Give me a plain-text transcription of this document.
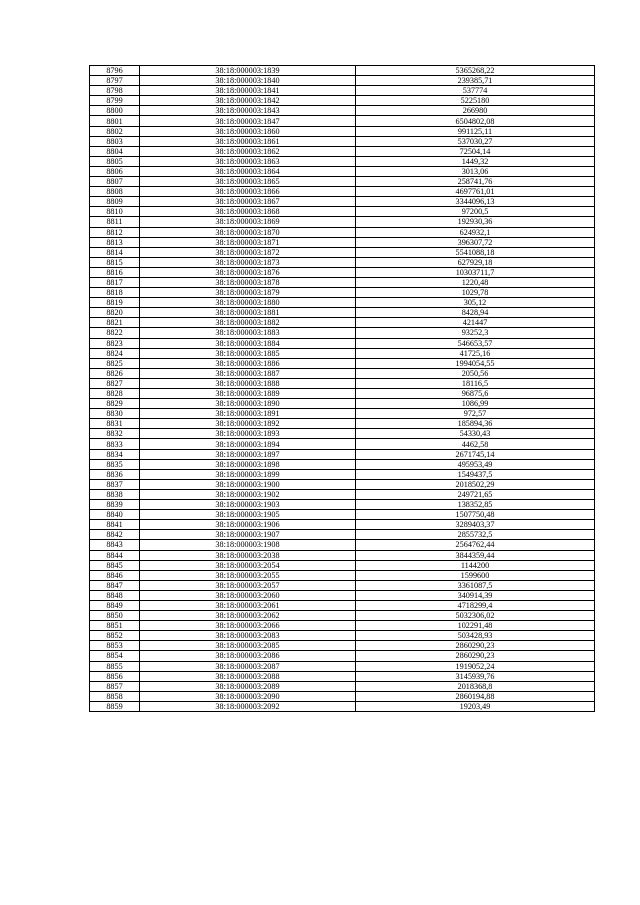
8796	38:18:000003:1839	5365268,22
8797	38:18:000003:1840	239385,71
8798	38:18:000003:1841	537774
8799	38:18:000003:1842	5225180
8800	38:18:000003:1843	266980
8801	38:18:000003:1847	6504802,08
8802	38:18:000003:1860	991125,11
8803	38:18:000003:1861	537030,27
8804	38:18:000003:1862	72504,14
8805	38:18:000003:1863	1449,32
8806	38:18:000003:1864	3013,06
8807	38:18:000003:1865	258741,76
8808	38:18:000003:1866	4697761,01
8809	38:18:000003:1867	3344096,13
8810	38:18:000003:1868	97200,5
8811	38:18:000003:1869	192930,36
8812	38:18:000003:1870	624932,1
8813	38:18:000003:1871	396307,72
8814	38:18:000003:1872	5541088,18
8815	38:18:000003:1873	627929,18
8816	38:18:000003:1876	10303711,7
8817	38:18:000003:1878	1220,48
8818	38:18:000003:1879	1029,78
8819	38:18:000003:1880	305,12
8820	38:18:000003:1881	8428,94
8821	38:18:000003:1882	421447
8822	38:18:000003:1883	93252,3
8823	38:18:000003:1884	546653,57
8824	38:18:000003:1885	41725,16
8825	38:18:000003:1886	1994054,55
8826	38:18:000003:1887	2050,56
8827	38:18:000003:1888	18116,5
8828	38:18:000003:1889	96875,6
8829	38:18:000003:1890	1086,99
8830	38:18:000003:1891	972,57
8831	38:18:000003:1892	185894,36
8832	38:18:000003:1893	54330,43
8833	38:18:000003:1894	4462,58
8834	38:18:000003:1897	2671745,14
8835	38:18:000003:1898	495953,49
8836	38:18:000003:1899	1549437,5
8837	38:18:000003:1900	2018502,29
8838	38:18:000003:1902	249721,65
8839	38:18:000003:1903	138352,85
8840	38:18:000003:1905	1507750,48
8841	38:18:000003:1906	3289403,37
8842	38:18:000003:1907	2855732,5
8843	38:18:000003:1908	2564762,44
8844	38:18:000003:2038	3844359,44
8845	38:18:000003:2054	1144200
8846	38:18:000003:2055	1599600
8847	38:18:000003:2057	3361087,5
8848	38:18:000003:2060	340914,39
8849	38:18:000003:2061	4718299,4
8850	38:18:000003:2062	5032306,02
8851	38:18:000003:2066	102291,48
8852	38:18:000003:2083	503428,93
8853	38:18:000003:2085	2860290,23
8854	38:18:000003:2086	2860290,23
8855	38:18:000003:2087	1919052,24
8856	38:18:000003:2088	3145939,76
8857	38:18:000003:2089	2018368,8
8858	38:18:000003:2090	2860194,88
8859	38:18:000003:2092	19203,49
